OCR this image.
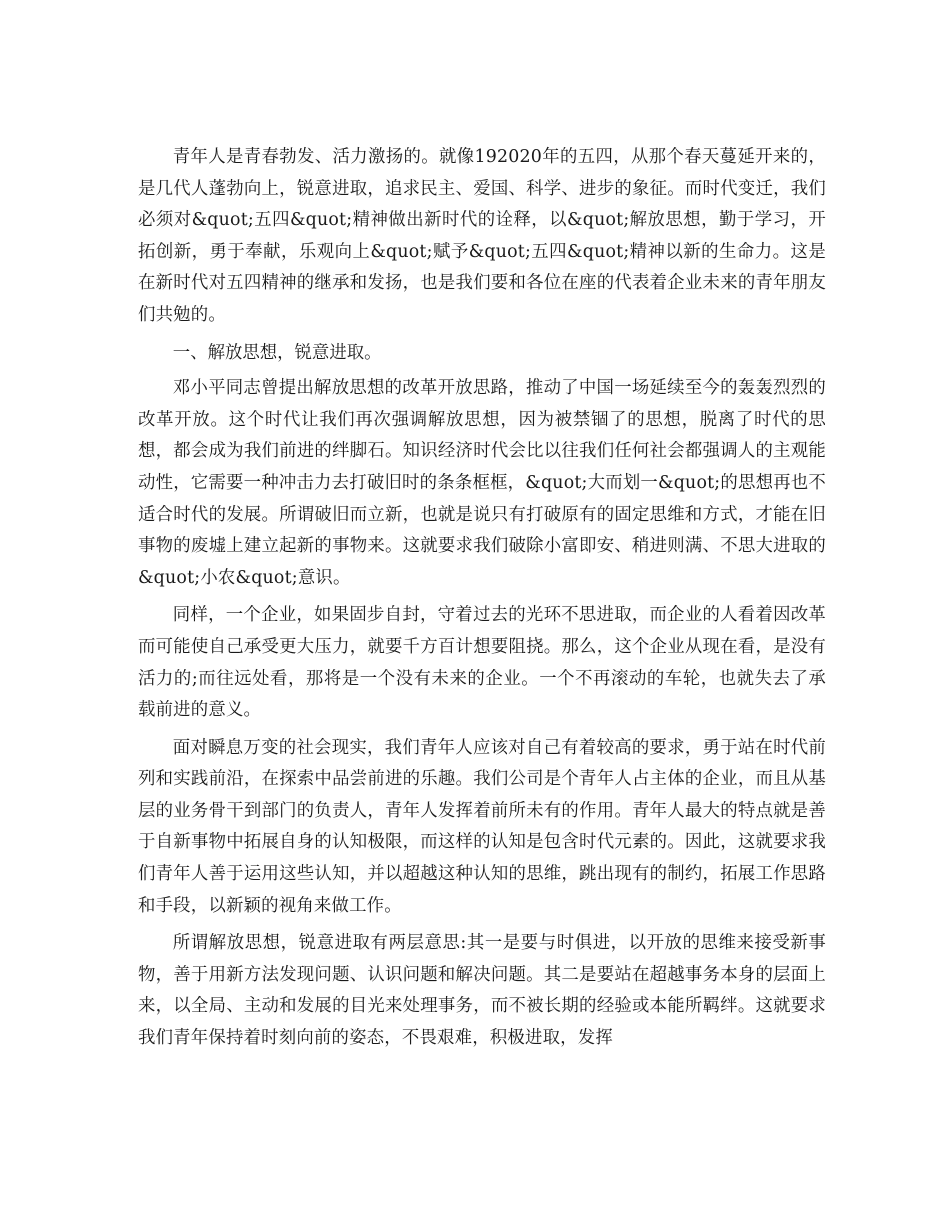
青年人是青春勃发、活力激扬的。就像192020年的五四，从那个春天蔓延开来的，是几代人蓬勃向上，锐意进取，追求民主、爱国、科学、进步的象征。而时代变迁，我们必须对&quot;五四&quot;精神做出新时代的诠释，以&quot;解放思想，勤于学习，开拓创新，勇于奉献，乐观向上&quot;赋予&quot;五四&quot;精神以新的生命力。这是在新时代对五四精神的继承和发扬，也是我们要和各位在座的代表着企业未来的青年朋友们共勉的。

一、解放思想，锐意进取。

邓小平同志曾提出解放思想的改革开放思路，推动了中国一场延续至今的轰轰烈烈的改革开放。这个时代让我们再次强调解放思想，因为被禁锢了的思想，脱离了时代的思想，都会成为我们前进的绊脚石。知识经济时代会比以往我们任何社会都强调人的主观能动性，它需要一种冲击力去打破旧时的条条框框，&quot;大而划一&quot;的思想再也不适合时代的发展。所谓破旧而立新，也就是说只有打破原有的固定思维和方式，才能在旧事物的废墟上建立起新的事物来。这就要求我们破除小富即安、稍进则满、不思大进取的&quot;小农&quot;意识。

同样，一个企业，如果固步自封，守着过去的光环不思进取，而企业的人看着因改革而可能使自己承受更大压力，就要千方百计想要阻挠。那么，这个企业从现在看，是没有活力的;而往远处看，那将是一个没有未来的企业。一个不再滚动的车轮，也就失去了承载前进的意义。

面对瞬息万变的社会现实，我们青年人应该对自己有着较高的要求，勇于站在时代前列和实践前沿，在探索中品尝前进的乐趣。我们公司是个青年人占主体的企业，而且从基层的业务骨干到部门的负责人，青年人发挥着前所未有的作用。青年人最大的特点就是善于自新事物中拓展自身的认知极限，而这样的认知是包含时代元素的。因此，这就要求我们青年人善于运用这些认知，并以超越这种认知的思维，跳出现有的制约，拓展工作思路和手段，以新颖的视角来做工作。

所谓解放思想，锐意进取有两层意思:其一是要与时俱进，以开放的思维来接受新事物，善于用新方法发现问题、认识问题和解决问题。其二是要站在超越事务本身的层面上来，以全局、主动和发展的目光来处理事务，而不被长期的经验或本能所羁绊。这就要求我们青年保持着时刻向前的姿态，不畏艰难，积极进取，发挥
